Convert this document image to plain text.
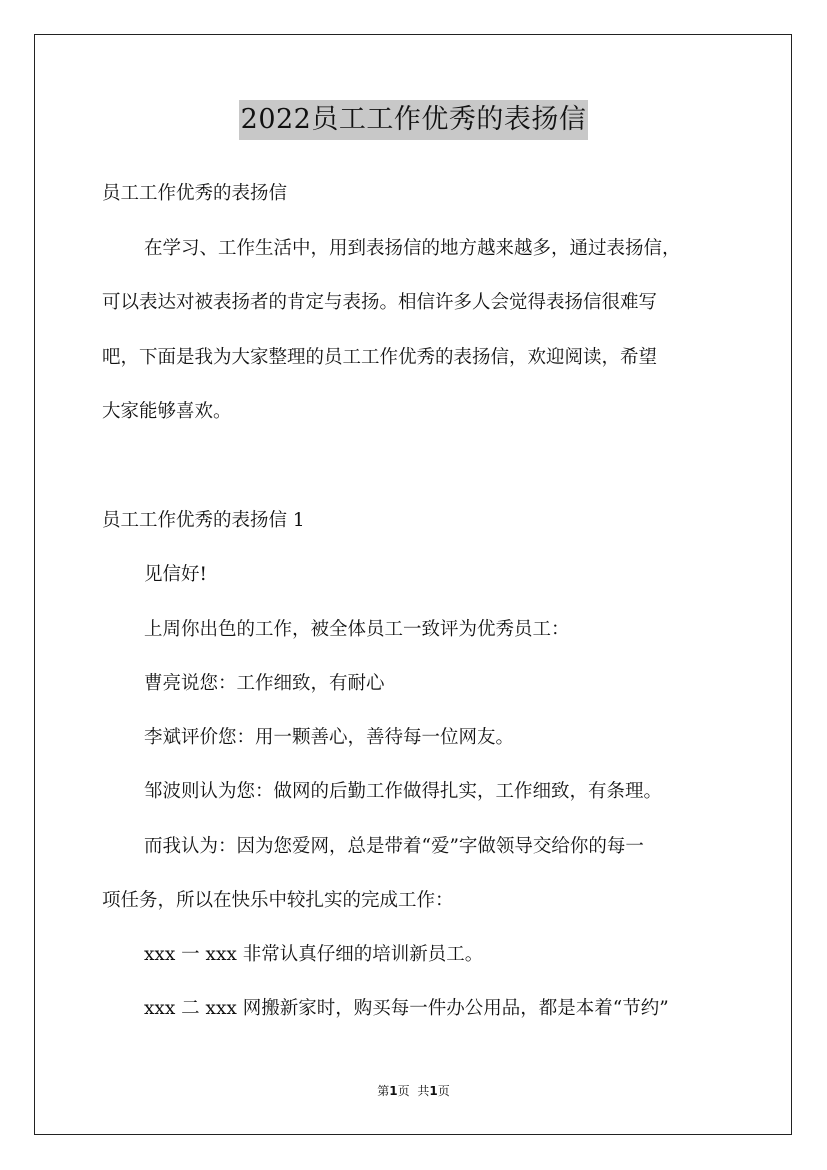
2022员工工作优秀的表扬信
员工工作优秀的表扬信
在学习、工作生活中，用到表扬信的地方越来越多，通过表扬信，
可以表达对被表扬者的肯定与表扬。相信许多人会觉得表扬信很难写
吧，下面是我为大家整理的员工工作优秀的表扬信，欢迎阅读，希望
大家能够喜欢。
员工工作优秀的表扬信 1
见信好!
上周你出色的工作，被全体员工一致评为优秀员工：
曹亮说您：工作细致，有耐心
李斌评价您：用一颗善心，善待每一位网友。
邹波则认为您：做网的后勤工作做得扎实，工作细致，有条理。
而我认为：因为您爱网，总是带着“爱”字做领导交给你的每一
项任务，所以在快乐中较扎实的完成工作：
xxx 一 xxx 非常认真仔细的培训新员工。
xxx 二 xxx 网搬新家时，购买每一件办公用品，都是本着“节约”
第1页 共1页
